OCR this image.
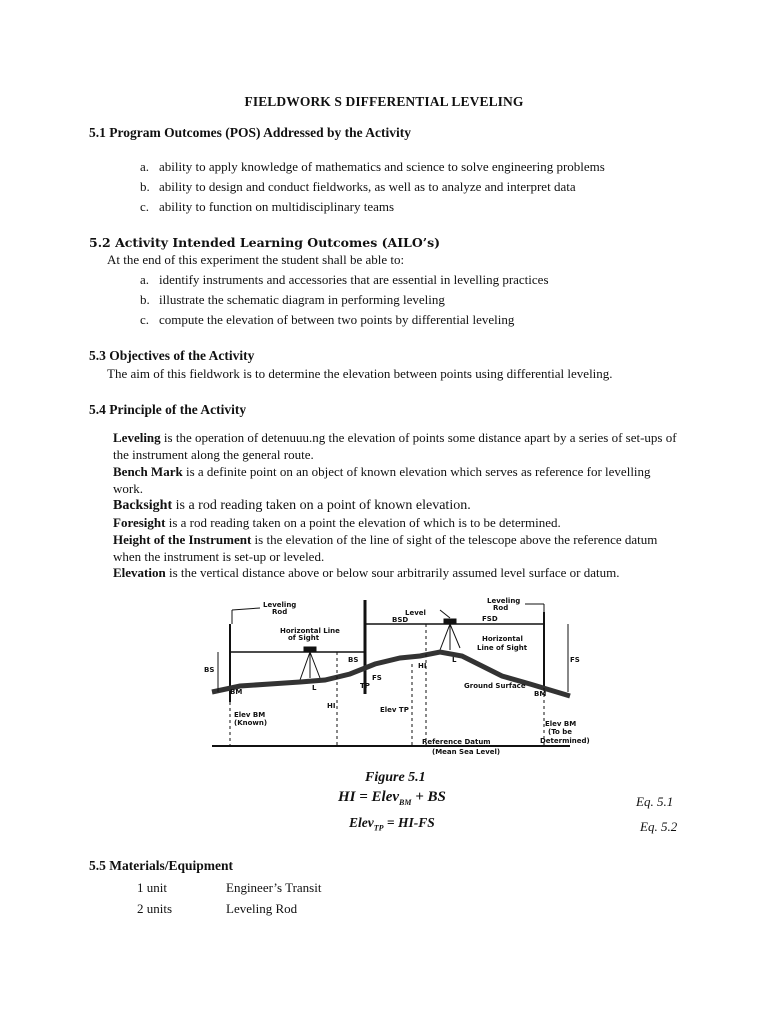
FIELDWORK S DIFFERENTIAL LEVELING
5.1 Program Outcomes (POS) Addressed by the Activity
a. ability to apply knowledge of mathematics and science to solve engineering problems
b. ability to design and conduct fieldworks, as well as to analyze and interpret data
c. ability to function on multidisciplinary teams
5.2 Activity Intended Learning Outcomes (AILO’s)
At the end of this experiment the student shall be able to:
a. identify instruments and accessories that are essential in levelling practices
b. illustrate the schematic diagram in performing leveling
c. compute the elevation of between two points by differential leveling
5.3 Objectives of the Activity
The aim of this fieldwork is to determine the elevation between points using differential leveling.
5.4 Principle of the Activity
Leveling is the operation of detenuuu.ng the elevation of points some distance apart by a series of set-ups of the instrument along the general route.
Bench Mark is a definite point on an object of known elevation which serves as reference for levelling work.
Backsight is a rod reading taken on a point of known elevation.
Foresight is a rod reading taken on a point the elevation of which is to be determined.
Height of the Instrument is the elevation of the line of sight of the telescope above the reference datum when the instrument is set-up or leveled.
Elevation is the vertical distance above or below sour arbitrarily assumed level surface or datum.
Leveling
Rod	Level
Leveling
Rod
Horizontal Line
of Sight
BSD	FSD
Horizontal
Line of Sight
BS
BS
FS
FS
L
L
TP
BM	BM
HI
HI
Elev TP
Ground Surface
Elev BM
(Known)	Elev BM
(To be
Determined)
Reference Datum
(Mean Sea Level)
Figure 5.1
HI = Elev$_{BM}$ + BS	Eq. 5.1
Elev$_{TP}$ = HI-FS	Eq. 5.2
5.5 Materials/Equipment
1 unit	Engineer’s Transit
2 units	Leveling Rod
